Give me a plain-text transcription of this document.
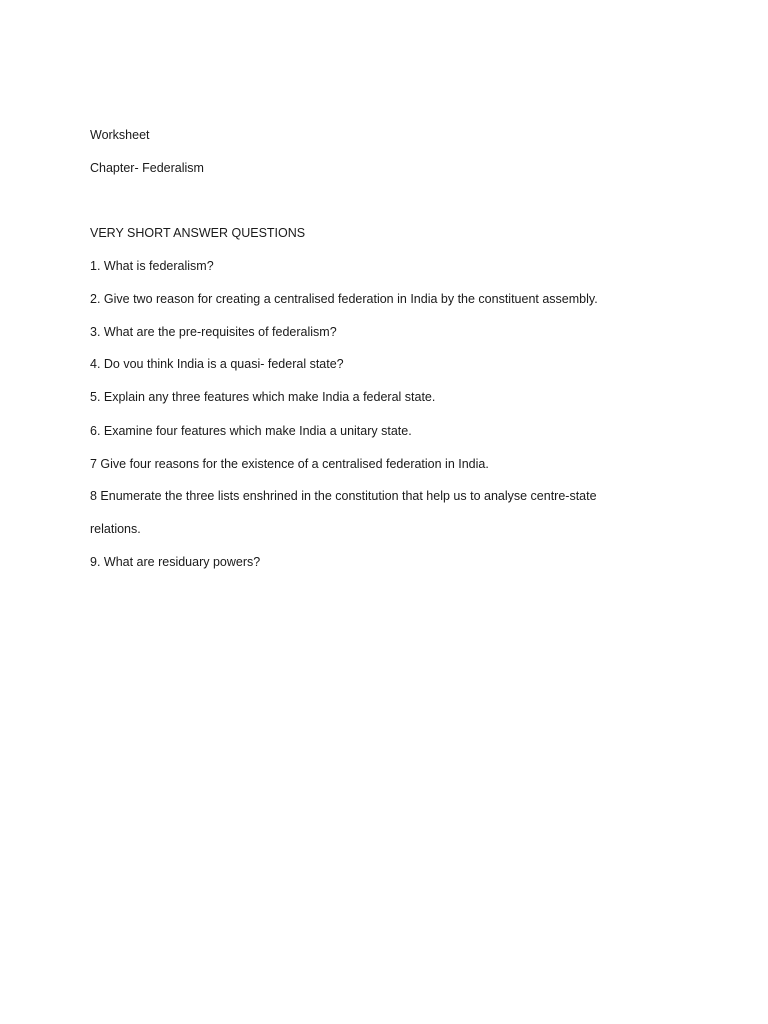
Worksheet
Chapter- Federalism
VERY SHORT ANSWER QUESTIONS
1. What is federalism?
2. Give two reason for creating a centralised federation in India by the constituent assembly.
3. What are the pre-requisites of federalism?
4. Do vou think India is a quasi- federal state?
5. Explain any three features which make India a federal state.
6. Examine four features which make India a unitary state.
7 Give four reasons for the existence of a centralised federation in India.
8 Enumerate the three lists enshrined in the constitution that help us to analyse centre-state
relations.
9. What are residuary powers?
